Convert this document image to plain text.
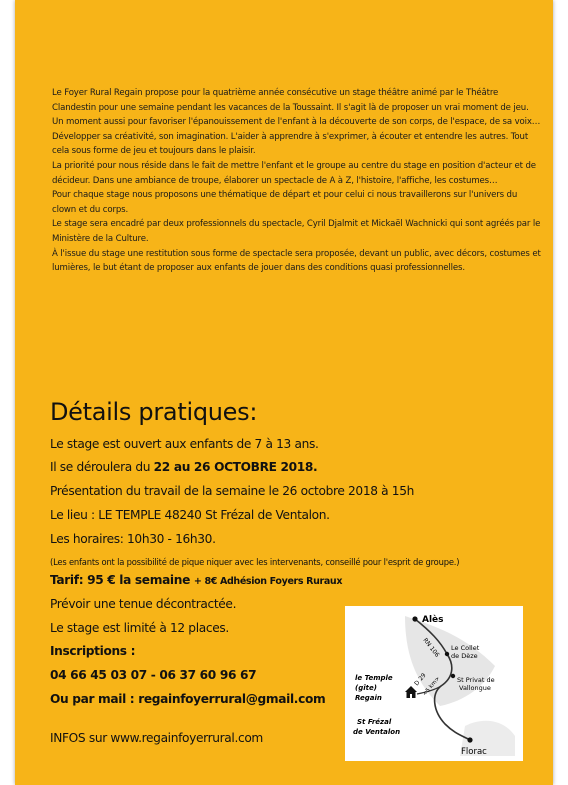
Le Foyer Rural Regain propose pour la quatrième année consécutive un stage théâtre animé par le Théâtre Clandestin pour une semaine pendant les vacances de la Toussaint. Il s'agit là de proposer un vrai moment de jeu. Un moment aussi pour favoriser l'épanouissement de l'enfant à la découverte de son corps, de l'espace, de sa voix… Développer sa créativité, son imagination. L'aider à apprendre à s'exprimer, à écouter et entendre les autres. Tout cela sous forme de jeu et toujours dans le plaisir.

La priorité pour nous réside dans le fait de mettre l'enfant et le groupe au centre du stage en position d'acteur et de décideur. Dans une ambiance de troupe, élaborer un spectacle de A à Z, l'histoire, l'affiche, les costumes…

Pour chaque stage nous proposons une thématique de départ et pour celui ci nous travaillerons sur l'univers du clown et du corps.

Le stage sera encadré par deux professionnels du spectacle, Cyril Djalmit et Mickaël Wachnicki qui sont agréés par le Ministère de la Culture.

À l'issue du stage une restitution sous forme de spectacle sera proposée, devant un public, avec décors, costumes et lumières, le but étant de proposer aux enfants de jouer dans des conditions quasi professionnelles.

Détails pratiques:
Le stage est ouvert aux enfants de 7 à 13 ans.
Il se déroulera du 22 au 26 OCTOBRE 2018.
Présentation du travail de la semaine le 26 octobre 2018 à 15h
Le lieu : LE TEMPLE 48240 St Frézal de Ventalon.
Les horaires: 10h30 - 16h30.
(Les enfants ont la possibilité de pique niquer avec les intervenants, conseillé pour l'esprit de groupe.)
Tarif: 95 € la semaine + 8€ Adhésion Foyers Ruraux
Prévoir une tenue décontractée.
Le stage est limité à 12 places.
Inscriptions :
04 66 45 03 07 - 06 37 60 96 67
Ou par mail : regainfoyerrural@gmail.com
INFOS sur www.regainfoyerrural.com
Alès
RN 106 Le Collet
de Dèze
D 29
<5 km>
le Temple
(gîte)
Regain
St Privat de
Vallongue
St Frézal
de Ventalon
Florac
